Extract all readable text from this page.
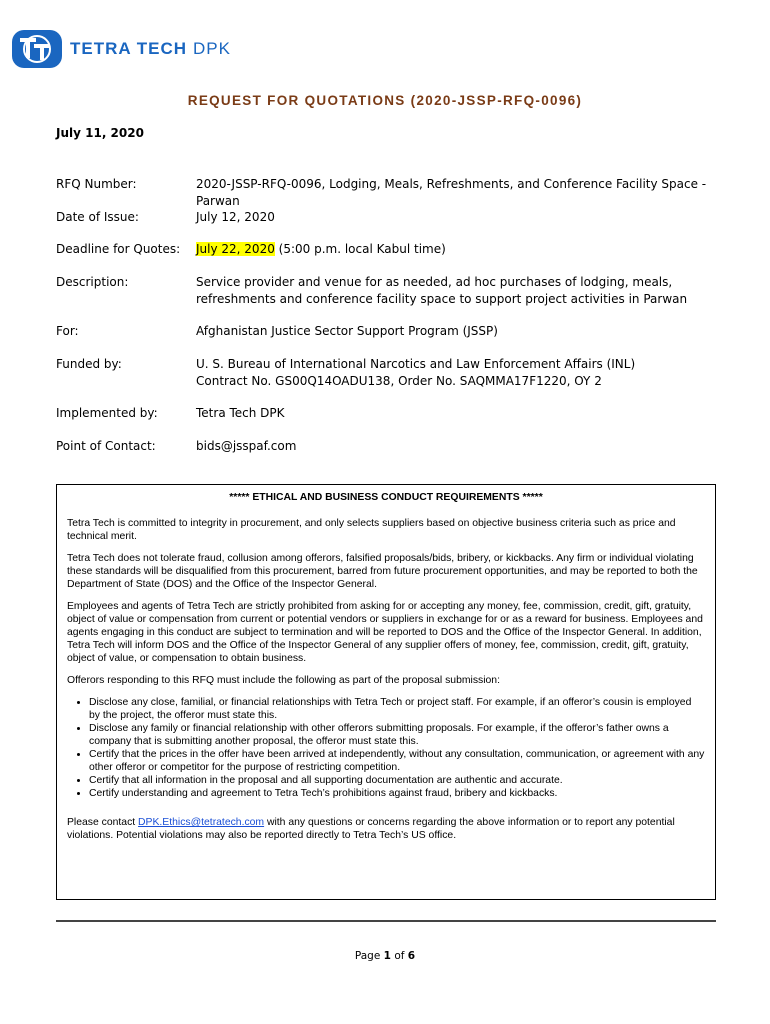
TETRA TECH DPK
REQUEST FOR QUOTATIONS (2020-JSSP-RFQ-0096)
July 11, 2020
RFQ Number:	2020-JSSP-RFQ-0096, Lodging, Meals, Refreshments, and Conference Facility Space - Parwan
Date of Issue:	July 12, 2020
Deadline for Quotes:	July 22, 2020 (5:00 p.m. local Kabul time)
Description:	Service provider and venue for as needed, ad hoc purchases of lodging, meals, refreshments and conference facility space to support project activities in Parwan
For:	Afghanistan Justice Sector Support Program (JSSP)
Funded by:	U. S. Bureau of International Narcotics and Law Enforcement Affairs (INL)
Contract No. GS00Q14OADU138, Order No. SAQMMA17F1220, OY 2
Implemented by:	Tetra Tech DPK
Point of Contact:	bids@jsspaf.com
***** ETHICAL AND BUSINESS CONDUCT REQUIREMENTS *****

Tetra Tech is committed to integrity in procurement, and only selects suppliers based on objective business criteria such as price and technical merit.

Tetra Tech does not tolerate fraud, collusion among offerors, falsified proposals/bids, bribery, or kickbacks. Any firm or individual violating these standards will be disqualified from this procurement, barred from future procurement opportunities, and may be reported to both the Department of State (DOS) and the Office of the Inspector General.

Employees and agents of Tetra Tech are strictly prohibited from asking for or accepting any money, fee, commission, credit, gift, gratuity, object of value or compensation from current or potential vendors or suppliers in exchange for or as a reward for business. Employees and agents engaging in this conduct are subject to termination and will be reported to DOS and the Office of the Inspector General. In addition, Tetra Tech will inform DOS and the Office of the Inspector General of any supplier offers of money, fee, commission, credit, gift, gratuity, object of value, or compensation to obtain business.

Offerors responding to this RFQ must include the following as part of the proposal submission:

• Disclose any close, familial, or financial relationships with Tetra Tech or project staff. For example, if an offeror’s cousin is employed by the project, the offeror must state this.
• Disclose any family or financial relationship with other offerors submitting proposals. For example, if the offeror’s father owns a company that is submitting another proposal, the offeror must state this.
• Certify that the prices in the offer have been arrived at independently, without any consultation, communication, or agreement with any other offeror or competitor for the purpose of restricting competition.
• Certify that all information in the proposal and all supporting documentation are authentic and accurate.
• Certify understanding and agreement to Tetra Tech’s prohibitions against fraud, bribery and kickbacks.

Please contact DPK.Ethics@tetratech.com with any questions or concerns regarding the above information or to report any potential violations. Potential violations may also be reported directly to Tetra Tech’s US office.

Page 1 of 6
